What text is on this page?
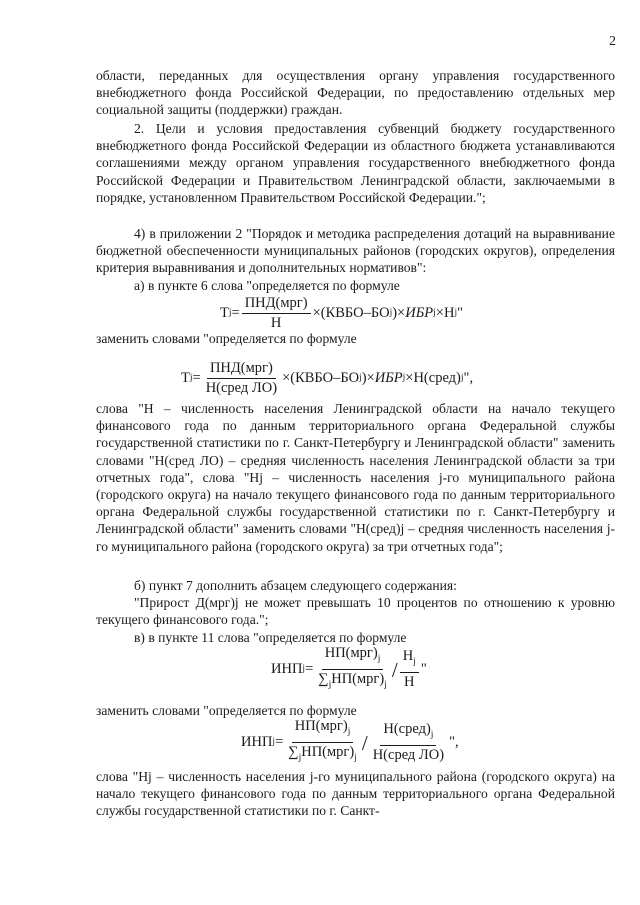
2

области, переданных для осуществления органу управления государственного внебюджетного фонда Российской Федерации, по предоставлению отдельных мер социальной защиты (поддержки) граждан.

2. Цели и условия предоставления субвенций бюджету государственного внебюджетного фонда Российской Федерации из областного бюджета устанавливаются соглашениями между органом управления государственного внебюджетного фонда Российской Федерации и Правительством Ленинградской области, заключаемыми в порядке, установленном Правительством Российской Федерации.";

4) в приложении 2 "Порядок и методика распределения дотаций на выравнивание бюджетной обеспеченности муниципальных районов (городских округов), определения критерия выравнивания и дополнительных нормативов":

а) в пункте 6 слова "определяется по формуле

заменить словами "определяется по формуле

слова "Н – численность населения Ленинградской области на начало текущего финансового года по данным территориального органа Федеральной службы государственной статистики по г. Санкт-Петербургу и Ленинградской области" заменить словами "Н(сред ЛО) – средняя численность населения Ленинградской области за три отчетных года", слова "Нj – численность населения j-го муниципального района (городского округа) на начало текущего финансового года по данным территориального органа Федеральной службы государственной статистики по г. Санкт-Петербургу и Ленинградской области" заменить словами "Н(сред)j – средняя численность населения j-го муниципального района (городского округа) за три отчетных года";

б) пункт 7 дополнить абзацем следующего содержания:

"Прирост Д(мрг)j не может превышать 10 процентов по отношению к уровню текущего финансового года.";

в) в пункте 11 слова "определяется по формуле

заменить словами "определяется по формуле

слова "Нj – численность населения j-го муниципального района (городского округа) на начало текущего финансового года по данным территориального органа Федеральной службы государственной статистики по г. Санкт-

T $j = \frac{\text{ПНД(мрг)}}{Н}$ ×( КВБО – БО j )× ИБР j × Н j "
T $j = \frac{\text{ПНД(мрг)}}{\text{Н(сред ЛО)}}$ ×( КВБО – БО j )× ИБР j × Н(сред) j ",
ИНП $j = \frac{НП(мрг)_j}{\sum_jНП(мрг)_j} / \frac{Н_j}{Н}$ "
ИНП $j = \frac{НП(мрг)_j}{\sum_jНП(мрг)_j} / \frac{Н(сред)_j}{\text{Н(сред ЛО)}}$ ",
